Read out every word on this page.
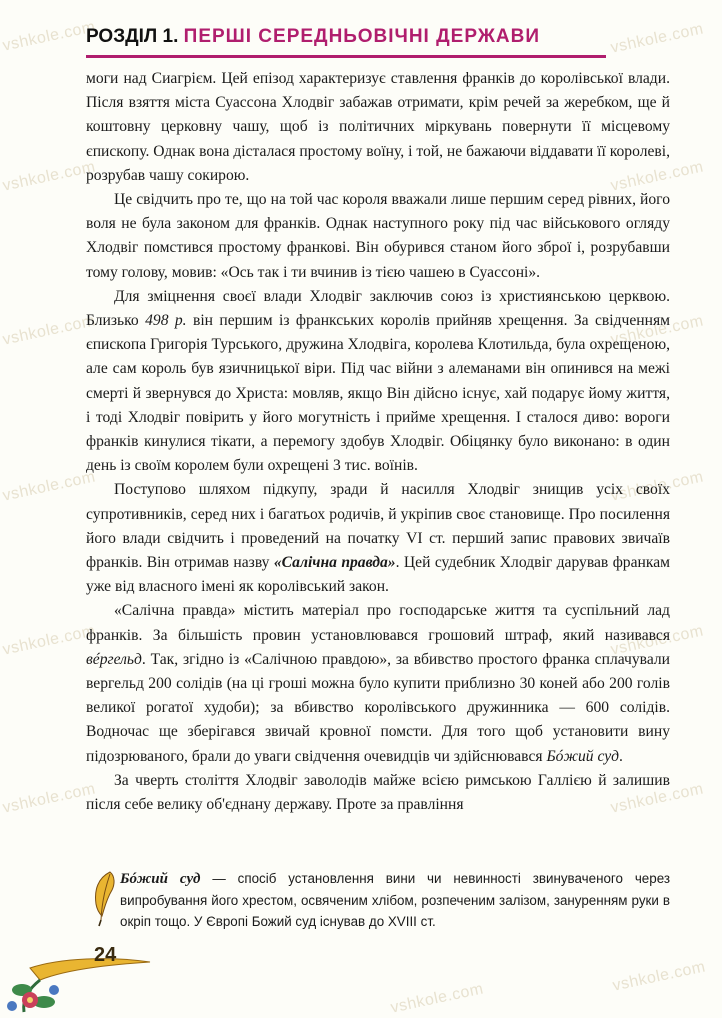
vshkole.com	vshkole.com
vshkole.com	vshkole.com
vshkole.com	vshkole.com
vshkole.com	vshkole.com
vshkole.com	vshkole.com
vshkole.com	vshkole.com
vshkole.com
vshkole.com
РОЗДІЛ 1. ПЕРШІ СЕРЕДНЬОВІЧНІ ДЕРЖАВИ

моги над Сиагрієм. Цей епізод характеризує ставлення франків до королівської влади. Після взяття міста Суассона Хлодвіг забажав отримати, крім речей за жеребком, ще й коштовну церковну чашу, щоб із політичних міркувань повернути її місцевому єпископу. Однак вона дісталася простому воїну, і той, не бажаючи віддавати її королеві, розрубав чашу сокирою.

Це свідчить про те, що на той час короля вважали лише першим серед рівних, його воля не була законом для франків. Однак наступного року під час військового огляду Хлодвіг помстився простому франкові. Він обурився станом його зброї і, розрубавши тому голову, мовив: «Ось так і ти вчинив із тією чашею в Суассоні».

Для зміцнення своєї влади Хлодвіг заключив союз із християнською церквою. Близько 498 р. він першим із франкських королів прийняв хрещення. За свідченням єпископа Григорія Турського, дружина Хлодвіга, королева Клотильда, була охрещеною, але сам король був язичницької віри. Під час війни з алеманами він опинився на межі смерті й звернувся до Христа: мовляв, якщо Він дійсно існує, хай подарує йому життя, і тоді Хлодвіг повірить у його могутність і прийме хрещення. І сталося диво: вороги франків кинулися тікати, а перемогу здобув Хлодвіг. Обіцянку було виконано: в один день із своїм королем були охрещені 3 тис. воїнів.

Поступово шляхом підкупу, зради й насилля Хлодвіг знищив усіх своїх супротивників, серед них і багатьох родичів, й укріпив своє становище. Про посилення його влади свідчить і проведений на початку VI ст. перший запис правових звичаїв франків. Він отримав назву «Салічна правда». Цей судебник Хлодвіг дарував франкам уже від власного імені як королівський закон.

«Салічна правда» містить матеріал про господарське життя та суспільний лад франків. За більшість провин установлювався грошовий штраф, який називався вéргельд. Так, згідно із «Салічною правдою», за вбивство простого франка сплачували вергельд 200 солідів (на ці гроші можна було купити приблизно 30 коней або 200 голів великої рогатої худоби); за вбивство королівського дружинника — 600 солідів. Водночас ще зберігався звичай кровної помсти. Для того щоб установити вину підозрюваного, брали до уваги свідчення очевидців чи здійснювався Бóжий суд.

За чверть століття Хлодвіг заволодів майже всією римською Галлією й залишив після себе велику об'єднану державу. Проте за правління

Бóжий суд — спосіб установлення вини чи невинності звинуваченого через випробування його хрестом, освяченим хлібом, розпеченим залізом, зануренням руки в окріп тощо. У Європі Божий суд існував до XVIII ст.
24
